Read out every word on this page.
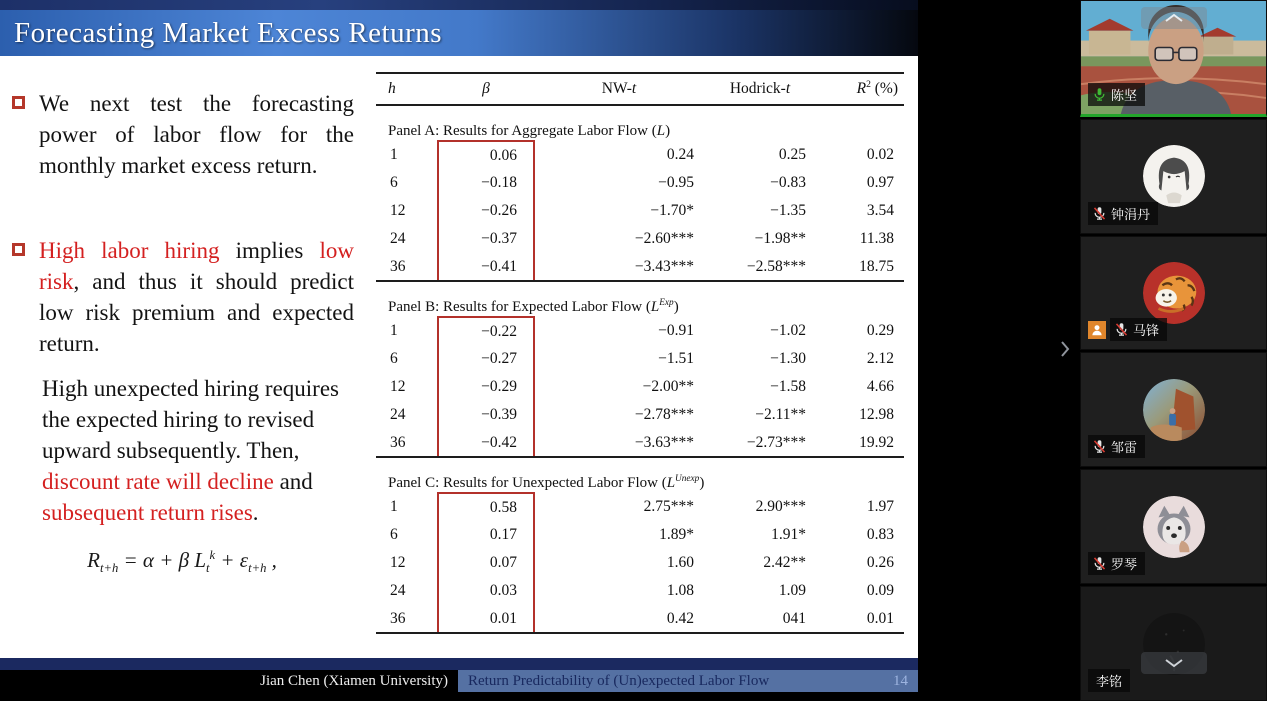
Forecasting Market Excess Returns
We next test the forecasting power of labor flow for the monthly market excess return.
High labor hiring implies low risk, and thus it should predict low risk premium and expected return.
High unexpected hiring requires the expected hiring to revised upward subsequently. Then, discount rate will decline and subsequent return rises.
$R_{t+h} = \alpha + \beta$ $L_t^k + \varepsilon_{t+h}$ ,
h	β	NW-t	Hodrick-t	$R^2$ (%)
Panel A: Results for Aggregate Labor Flow (L)				
1	0.06	0.24	0.25	0.02
6	−0.18	−0.95	−0.83	0.97
12	−0.26	−1.70*	−1.35	3.54
24	−0.37	−2.60***	−1.98**	11.38
36	−0.41	−3.43***	−2.58***	18.75
Panel B: Results for Expected Labor Flow $(L^{Exp})$				
1	−0.22	−0.91	−1.02	0.29
6	−0.27	−1.51	−1.30	2.12
12	−0.29	−2.00**	−1.58	4.66
24	−0.39	−2.78***	−2.11**	12.98
36	−0.42	−3.63***	−2.73***	19.92
Panel C: Results for Unexpected Labor Flow $(L^{Unexp})$				
1	0.58	2.75***	2.90***	1.97
6	0.17	1.89*	1.91*	0.83
12	0.07	1.60	2.42**	0.26
24	0.03	1.08	1.09	0.09
36	0.01	0.42	041	0.01
Jian Chen (Xiamen University)	Return Predictability of (Un)expected Labor Flow	14
陈坚
钟涓丹
马锋
邹雷
罗琴
李铭
